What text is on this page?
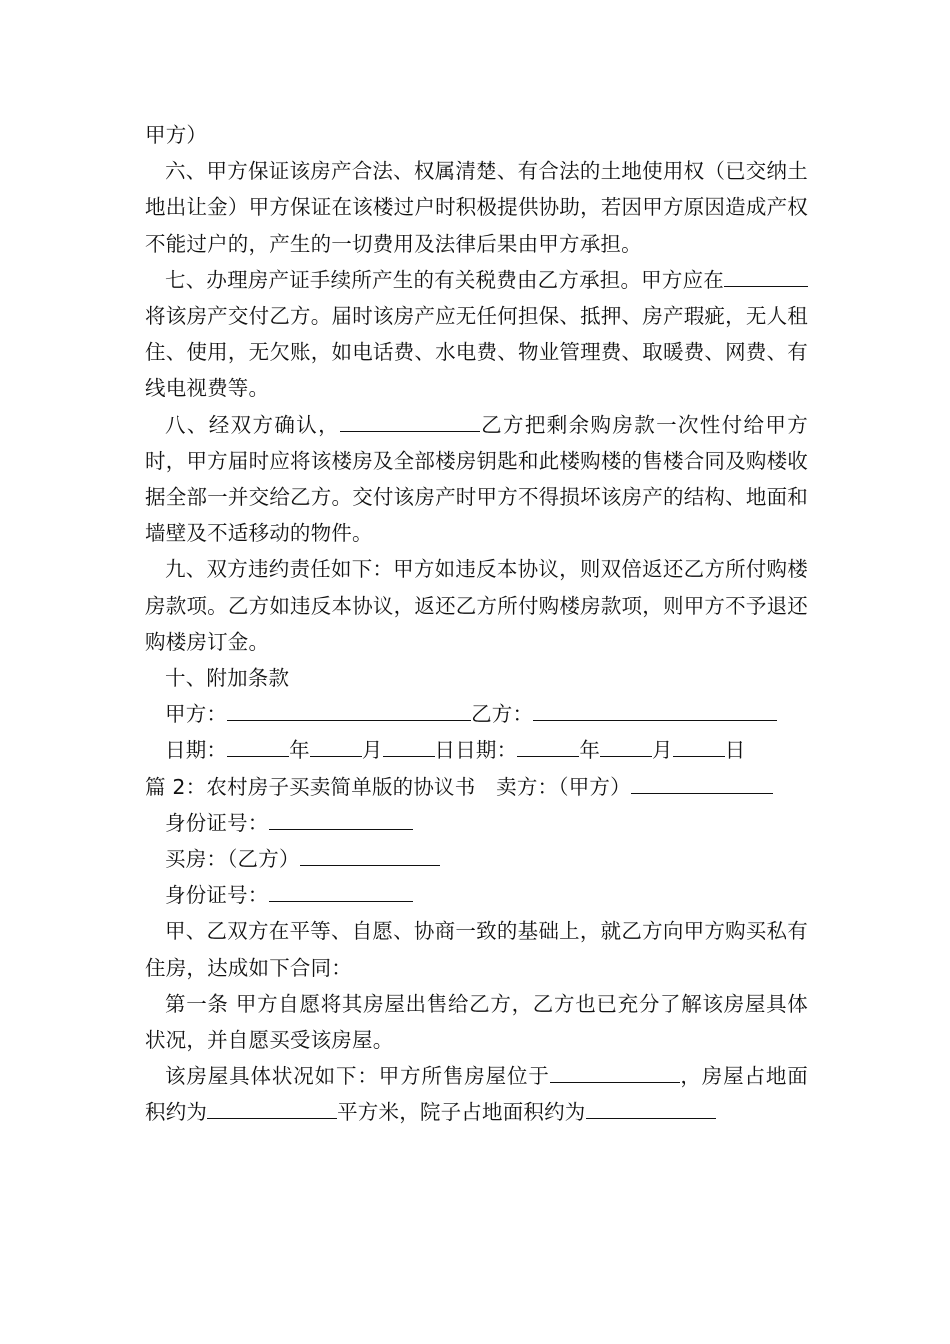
甲方）

六、甲方保证该房产合法、权属清楚、有合法的土地使用权（已交纳土地出让金）甲方保证在该楼过户时积极提供协助，若因甲方原因造成产权不能过户的，产生的一切费用及法律后果由甲方承担。

七、办理房产证手续所产生的有关税费由乙方承担。甲方应在将该房产交付乙方。届时该房产应无任何担保、抵押、房产瑕疵，无人租住、使用，无欠账，如电话费、水电费、物业管理费、取暖费、网费、有线电视费等。

八、经双方确认，	乙方把剩余购房款一次性付给甲方时，甲方届时应将该楼房及全部楼房钥匙和此楼购楼的售楼合同及购楼收据全部一并交给乙方。交付该房产时甲方不得损坏该房产的结构、地面和墙壁及不适移动的物件。

九、双方违约责任如下：甲方如违反本协议，则双倍返还乙方所付购楼房款项。乙方如违反本协议，返还乙方所付购楼房款项，则甲方不予退还购楼房订金。

十、附加条款

甲方：	乙方：

日期：	年	月	日日期：	年	月	日

篇 2：农村房子买卖简单版的协议书　卖方：（甲方）

身份证号：

买房：（乙方）

身份证号：

甲、乙双方在平等、自愿、协商一致的基础上，就乙方向甲方购买私有住房，达成如下合同：

第一条 甲方自愿将其房屋出售给乙方，乙方也已充分了解该房屋具体状况，并自愿买受该房屋。

该房屋具体状况如下：甲方所售房屋位于	，房屋占地面积约为	平方米，院子占地面积约为
